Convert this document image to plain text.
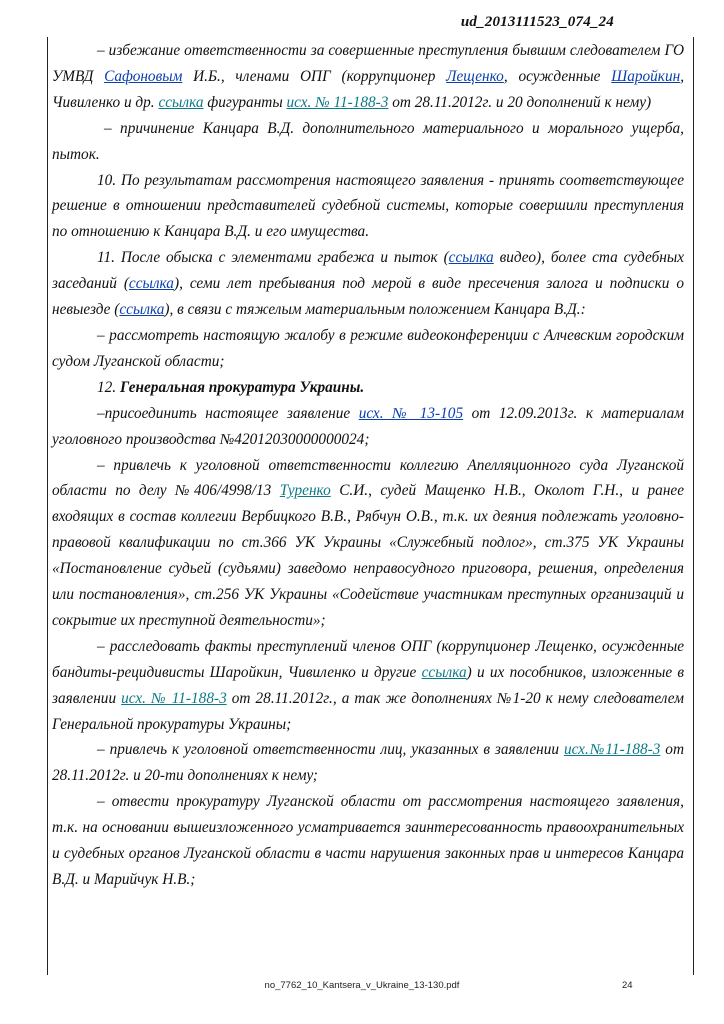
ud_2013111523_074_24

– избежание ответственности за совершенные преступления бывшим следователем ГО УМВД Сафоновым И.Б., членами ОПГ (коррупционер Лещенко, осужденные Шаройкин, Чивиленко и др. ссылка фигуранты исх. № 11-188-3 от 28.11.2012г. и 20 дополнений к нему)

– причинение Канцара В.Д. дополнительного материального и морального ущерба, пыток.

10. По результатам рассмотрения настоящего заявления - принять соответствующее решение в отношении представителей судебной системы, которые совершили преступления по отношению к Канцара В.Д. и его имущества.

11. После обыска с элементами грабежа и пыток (ссылка видео), более ста судебных заседаний (ссылка), семи лет пребывания под мерой в виде пресечения залога и подписки о невыезде (ссылка), в связи с тяжелым материальным положением Канцара В.Д.:

– рассмотреть настоящую жалобу в режиме видеоконференции с Алчевским городским судом Луганской области;

12. Генеральная прокуратура Украины.

–присоединить настоящее заявление исх. № 13-105 от 12.09.2013г. к материалам уголовного производства №42012030000000024;

– привлечь к уголовной ответственности коллегию Апелляционного суда Луганской области по делу №406/4998/13 Туренко С.И., судей Мащенко Н.В., Околот Г.Н., и ранее входящих в состав коллегии Вербицкого В.В., Рябчун О.В., т.к. их деяния подлежать уголовно-правовой квалификации по ст.366 УК Украины «Служебный подлог», ст.375 УК Украины «Постановление судьей (судьями) заведомо неправосудного приговора, решения, определения или постановления», ст.256 УК Украины «Содействие участникам преступных организаций и сокрытие их преступной деятельности»;

– расследовать факты преступлений членов ОПГ (коррупционер Лещенко, осужденные бандиты-рецидивисты Шаройкин, Чивиленко и другие ссылка) и их пособников, изложенные в заявлении исх. № 11-188-3 от 28.11.2012г., а так же дополнениях №1-20 к нему следователем Генеральной прокуратуры Украины;

– привлечь к уголовной ответственности лиц, указанных в заявлении исх.№11-188-3 от 28.11.2012г. и 20-ти дополнениях к нему;

– отвести прокуратуру Луганской области от рассмотрения настоящего заявления, т.к. на основании вышеизложенного усматривается заинтересованность правоохранительных и судебных органов Луганской области в части нарушения законных прав и интересов Канцара В.Д. и Марийчук Н.В.;

no_7762_10_Kantsera_v_Ukraine_13-130.pdf	24
